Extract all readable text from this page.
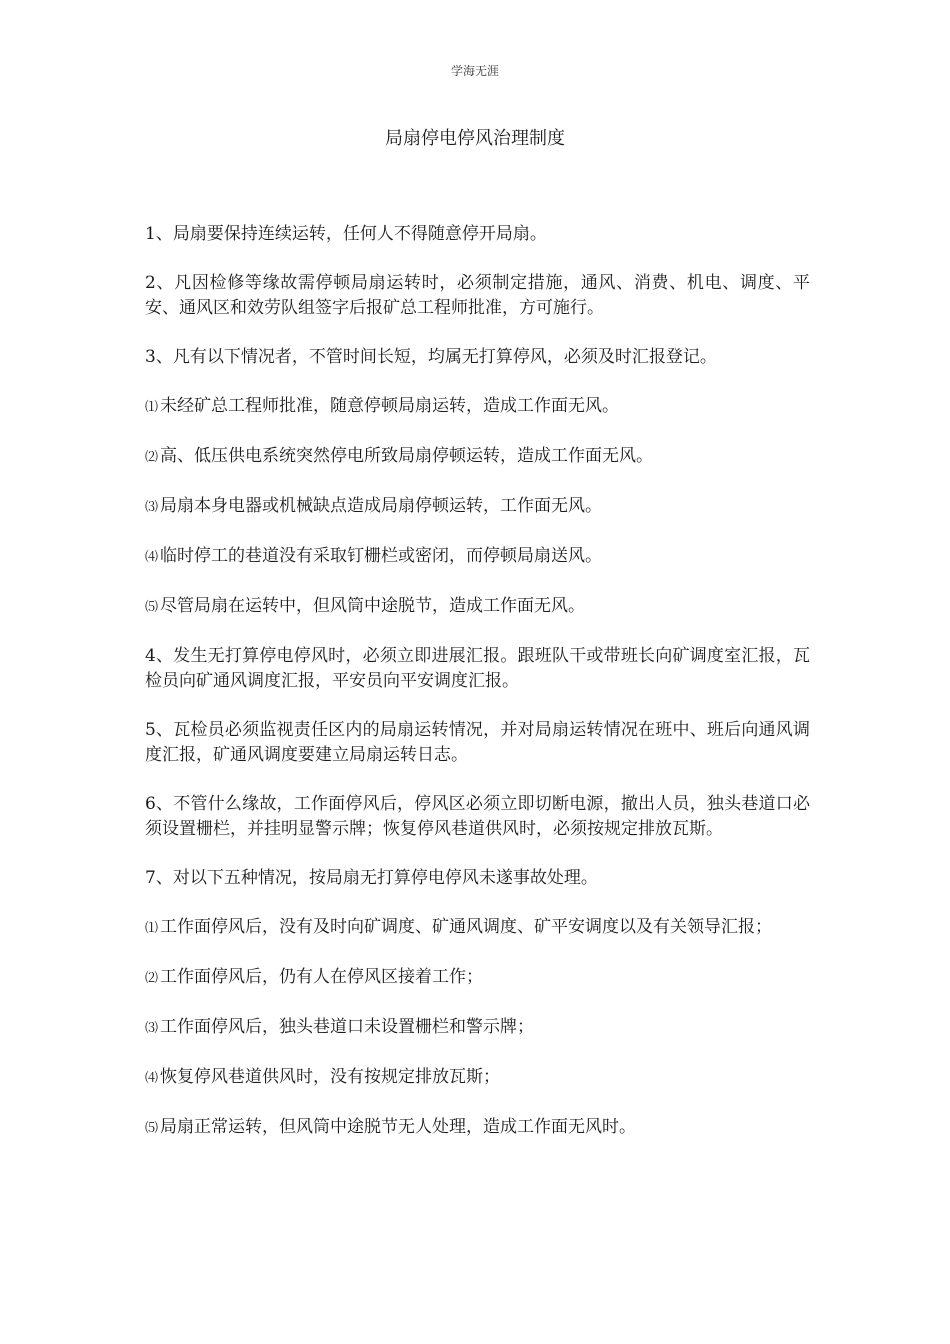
学海无涯
局扇停电停风治理制度

1、局扇要保持连续运转，任何人不得随意停开局扇。

2、凡因检修等缘故需停顿局扇运转时，必须制定措施，通风、消费、机电、调度、平安、通风区和效劳队组签字后报矿总工程师批准，方可施行。

3、凡有以下情况者，不管时间长短，均属无打算停风，必须及时汇报登记。

⑴ 未经矿总工程师批准，随意停顿局扇运转，造成工作面无风。

⑵ 高、低压供电系统突然停电所致局扇停顿运转，造成工作面无风。

⑶ 局扇本身电器或机械缺点造成局扇停顿运转，工作面无风。

⑷ 临时停工的巷道没有采取钉栅栏或密闭，而停顿局扇送风。

⑸ 尽管局扇在运转中，但风筒中途脱节，造成工作面无风。

4、发生无打算停电停风时，必须立即进展汇报。跟班队干或带班长向矿调度室汇报，瓦检员向矿通风调度汇报，平安员向平安调度汇报。

5、瓦检员必须监视责任区内的局扇运转情况，并对局扇运转情况在班中、班后向通风调度汇报，矿通风调度要建立局扇运转日志。

6、不管什么缘故，工作面停风后，停风区必须立即切断电源，撤出人员，独头巷道口必须设置栅栏，并挂明显警示牌；恢复停风巷道供风时，必须按规定排放瓦斯。

7、对以下五种情况，按局扇无打算停电停风未遂事故处理。

⑴ 工作面停风后，没有及时向矿调度、矿通风调度、矿平安调度以及有关领导汇报；

⑵ 工作面停风后，仍有人在停风区接着工作；

⑶ 工作面停风后，独头巷道口未设置栅栏和警示牌；

⑷ 恢复停风巷道供风时，没有按规定排放瓦斯；

⑸ 局扇正常运转，但风筒中途脱节无人处理，造成工作面无风时。
